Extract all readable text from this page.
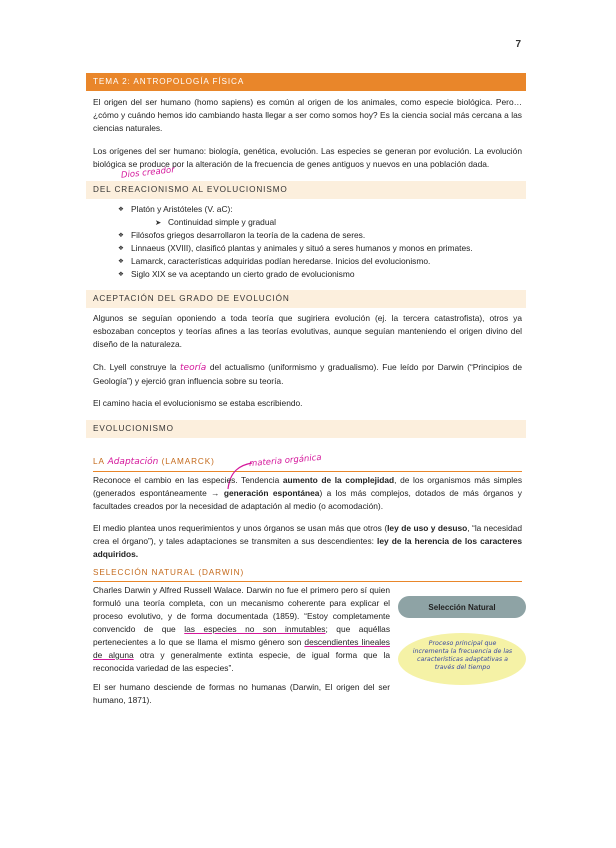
7
TEMA 2: ANTROPOLOGÍA FÍSICA

El origen del ser humano (homo sapiens) es común al origen de los animales, como especie biológica. Pero… ¿cómo y cuándo hemos ido cambiando hasta llegar a ser como somos hoy? Es la ciencia social más cercana a las ciencias naturales.

Los orígenes del ser humano: biología, genética, evolución. Las especies se generan por evolución. La evolución biológica se produce por la alteración de la frecuencia de genes antiguos y nuevos en una población dada.

Dios creador
DEL CREACIONISMO AL EVOLUCIONISMO
❖ Platón y Aristóteles (V. aC):
➤ Continuidad simple y gradual
❖ Filósofos griegos desarrollaron la teoría de la cadena de seres.
❖ Linnaeus (XVIII), clasificó plantas y animales y situó a seres humanos y monos en primates.
❖ Lamarck, características adquiridas podían heredarse. Inicios del evolucionismo.
❖ Siglo XIX se va aceptando un cierto grado de evolucionismo
ACEPTACIÓN DEL GRADO DE EVOLUCIÓN

Algunos se seguían oponiendo a toda teoría que sugiriera evolución (ej. la tercera catastrofista), otros ya esbozaban conceptos y teorías afines a las teorías evolutivas, aunque seguían manteniendo el origen divino del diseño de la naturaleza.

Ch. Lyell construye la teoría del actualismo (uniformismo y gradualismo). Fue leído por Darwin (“Principios de Geología”) y ejerció gran influencia sobre su teoría.

El camino hacia el evolucionismo se estaba escribiendo.

EVOLUCIONISMO
LA Adaptación (LAMARCK)	materia orgánica

Reconoce el cambio en las especies. Tendencia aumento de la complejidad, de los organismos más simples (generados espontáneamente → generación espontánea) a los más complejos, dotados de más órganos y facultades creados por la necesidad de adaptación al medio (o acomodación).

El medio plantea unos requerimientos y unos órganos se usan más que otros (ley de uso y desuso, “la necesidad crea el órgano”), y tales adaptaciones se transmiten a sus descendientes: ley de la herencia de los caracteres adquiridos.

SELECCIÓN NATURAL (DARWIN)

Charles Darwin y Alfred Russell Walace. Darwin no fue el primero pero sí quien formuló una teoría completa, con un mecanismo coherente para explicar el proceso evolutivo, y de forma documentada (1859). “Estoy completamente convencido de que las especies no son inmutables; que aquéllas pertenecientes a lo que se llama el mismo género son descendientes lineales de alguna otra y generalmente extinta especie, de igual forma que la reconocida variedad de las especies”.

El ser humano desciende de formas no humanas (Darwin, El origen del ser humano, 1871).

Selección Natural
Proceso principal que incrementa la frecuencia de las características adaptativas a través del tiempo
